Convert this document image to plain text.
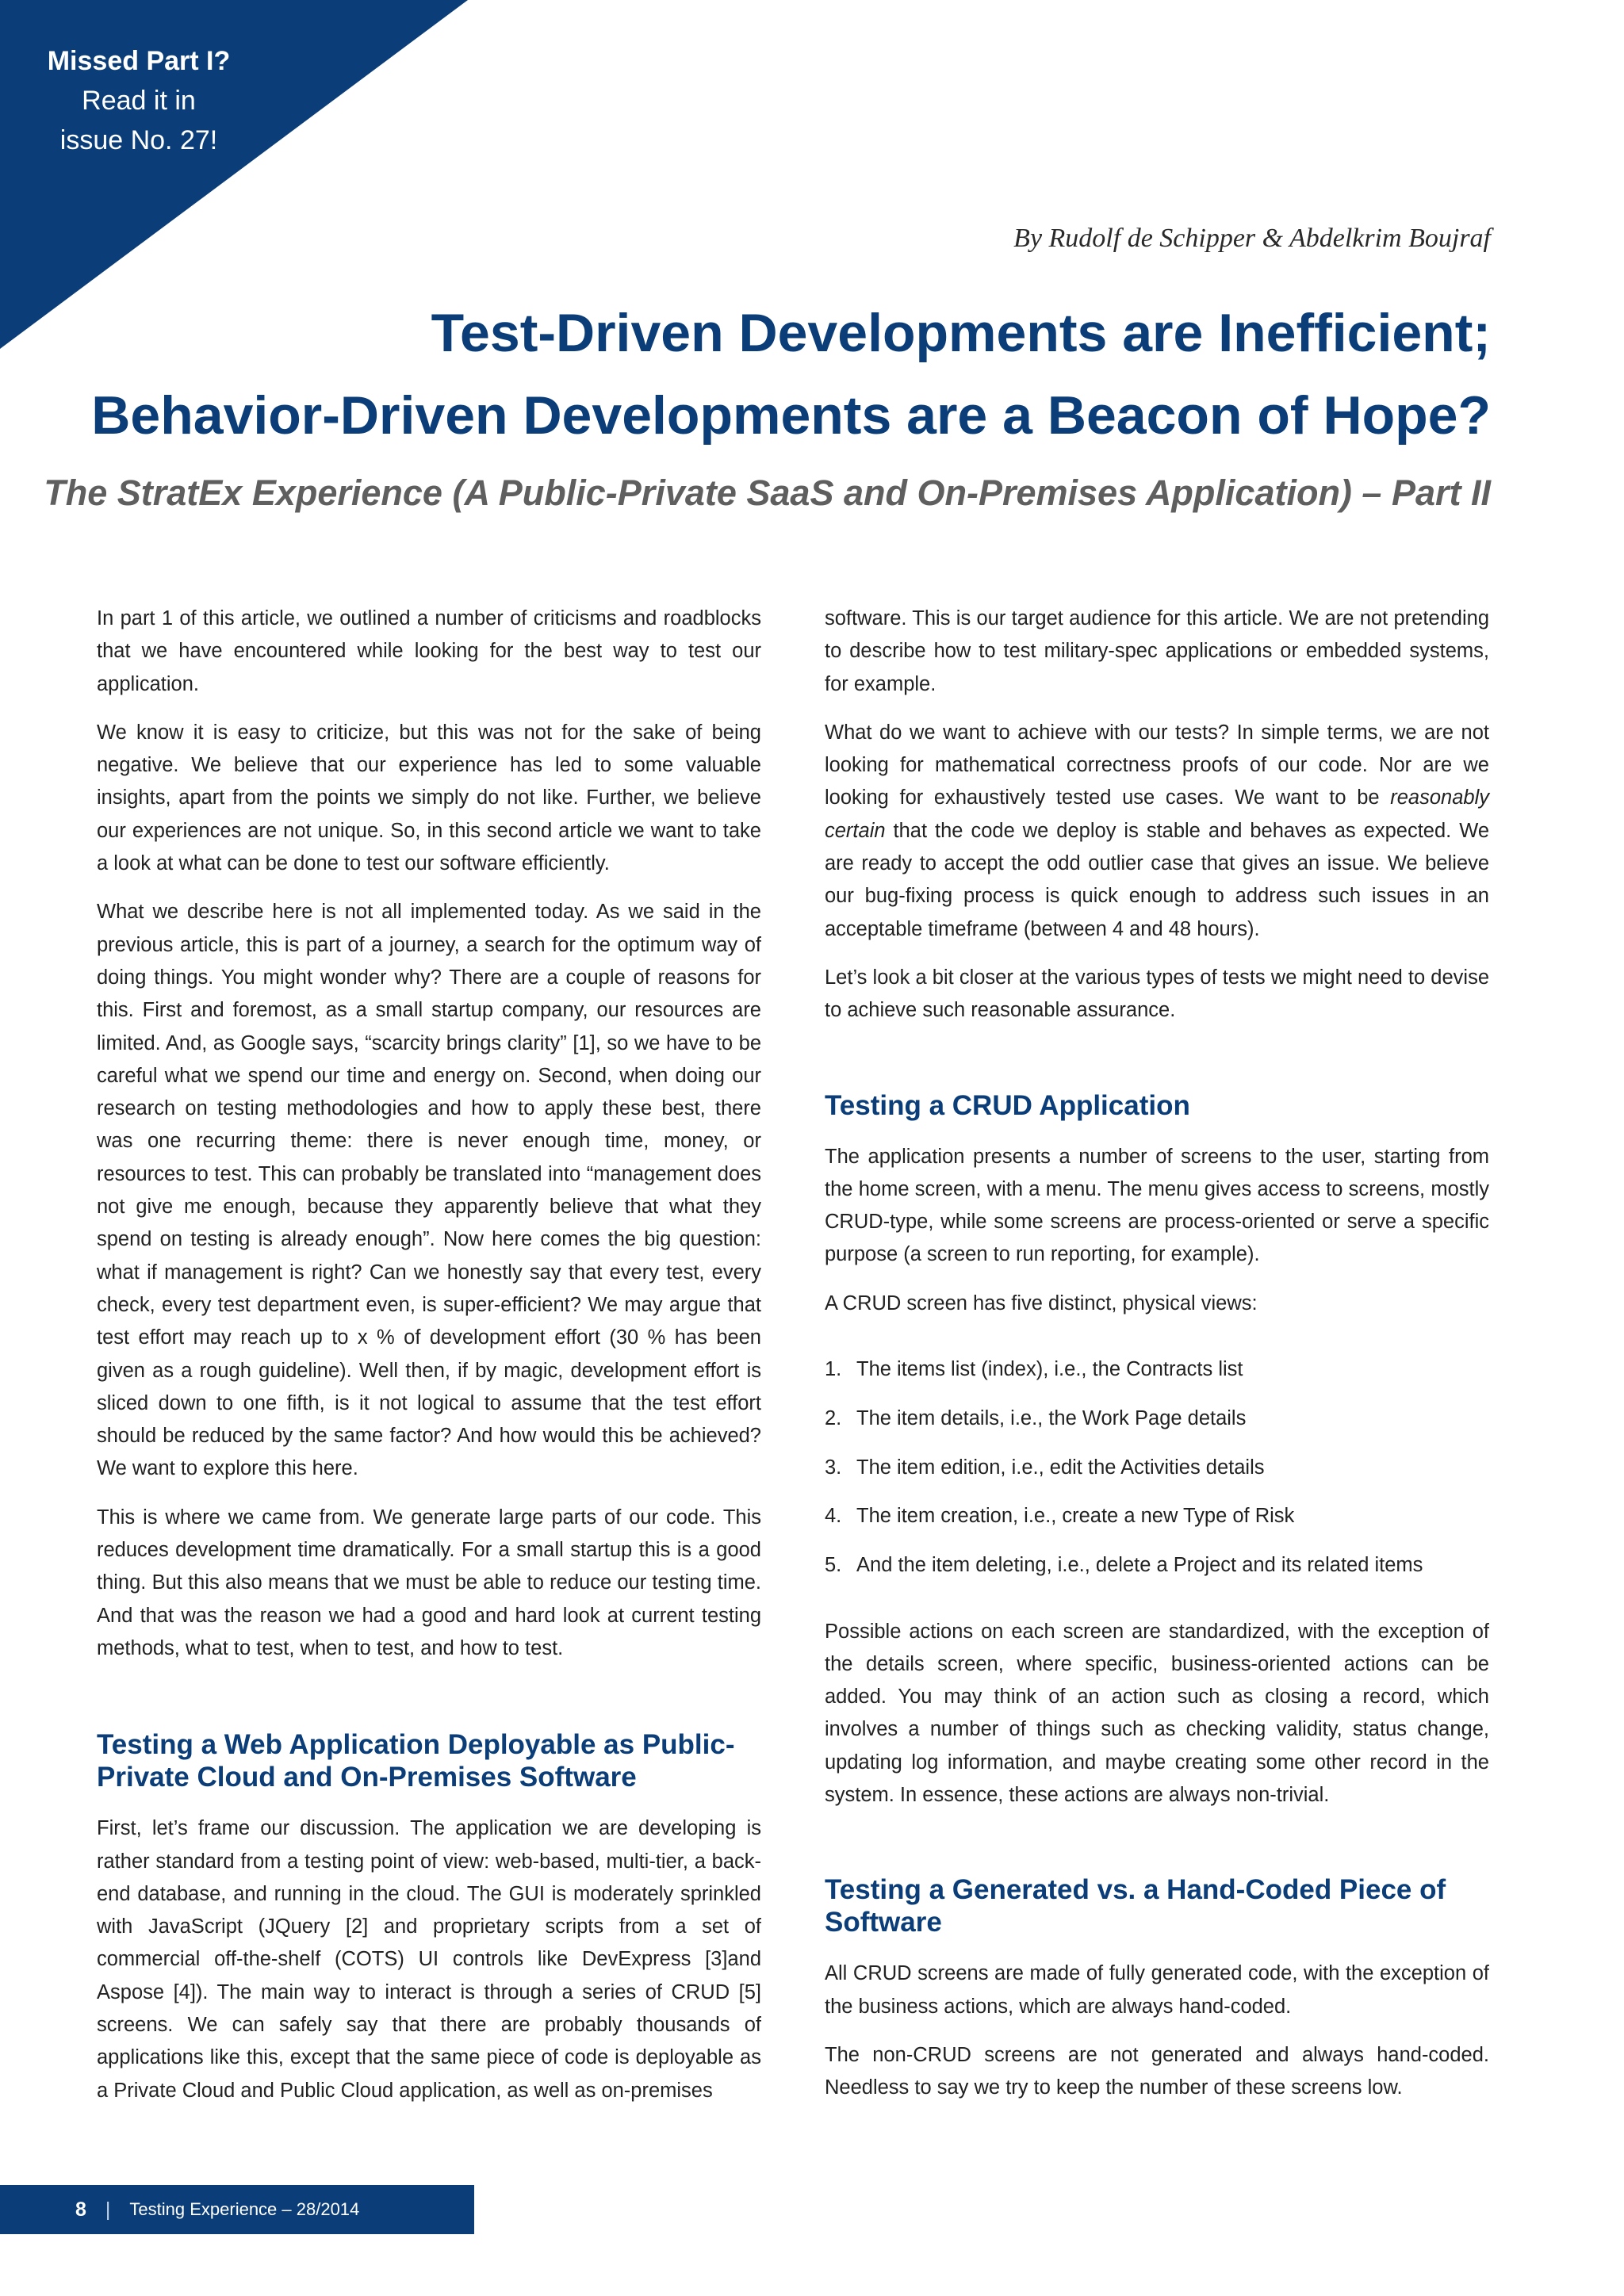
Missed Part I?
Read it in
issue No. 27!
By Rudolf de Schipper & Abdelkrim Boujraf
Test-Driven Developments are Inefficient;
Behavior-Driven Developments are a Beacon of Hope?
The StratEx Experience (A Public-Private SaaS and On-Premises Application) – Part II

In part 1 of this article, we outlined a number of criticisms and roadblocks that we have encountered while looking for the best way to test our application.

We know it is easy to criticize, but this was not for the sake of being negative. We believe that our experience has led to some valuable insights, apart from the points we simply do not like. Further, we believe our experiences are not unique. So, in this second article we want to take a look at what can be done to test our software efficiently.

What we describe here is not all implemented today. As we said in the previous article, this is part of a journey, a search for the optimum way of doing things. You might wonder why? There are a couple of reasons for this. First and foremost, as a small startup company, our resources are limited. And, as Google says, “scarcity brings clarity” [1], so we have to be careful what we spend our time and energy on. Second, when doing our research on testing methodologies and how to apply these best, there was one recurring theme: there is never enough time, money, or resources to test. This can probably be translated into “management does not give me enough, because they apparently believe that what they spend on testing is already enough”. Now here comes the big question: what if management is right? Can we honestly say that every test, every check, every test department even, is super-efficient? We may argue that test effort may reach up to x % of development effort (30 % has been given as a rough guideline). Well then, if by magic, development effort is sliced down to one fifth, is it not logical to assume that the test effort should be reduced by the same factor? And how would this be achieved? We want to explore this here.

This is where we came from. We generate large parts of our code. This reduces development time dramatically. For a small startup this is a good thing. But this also means that we must be able to reduce our testing time. And that was the reason we had a good and hard look at current testing methods, what to test, when to test, and how to test.

Testing a Web Application Deployable as Public-Private Cloud and On-Premises Software

First, let’s frame our discussion. The application we are developing is rather standard from a testing point of view: web-based, multi-tier, a back-end database, and running in the cloud. The GUI is moderately sprinkled with JavaScript (JQuery [2] and proprietary scripts from a set of commercial off-the-shelf (COTS) UI controls like DevExpress [3]and Aspose [4]). The main way to interact is through a series of CRUD [5] screens. We can safely say that there are probably thousands of applications like this, except that the same piece of code is deployable as a Private Cloud and Public Cloud application, as well as on-premises

software. This is our target audience for this article. We are not pretending to describe how to test military-spec applications or embedded systems, for example.

What do we want to achieve with our tests? In simple terms, we are not looking for mathematical correctness proofs of our code. Nor are we looking for exhaustively tested use cases. We want to be reasonably certain that the code we deploy is stable and behaves as expected. We are ready to accept the odd outlier case that gives an issue. We believe our bug-fixing process is quick enough to address such issues in an acceptable timeframe (between 4 and 48 hours).

Let’s look a bit closer at the various types of tests we might need to devise to achieve such reasonable assurance.

Testing a CRUD Application

The application presents a number of screens to the user, starting from the home screen, with a menu. The menu gives access to screens, mostly CRUD-type, while some screens are process-oriented or serve a specific purpose (a screen to run reporting, for example).

A CRUD screen has five distinct, physical views:

1. The items list (index), i.e., the Contracts list
2. The item details, i.e., the Work Page details
3. The item edition, i.e., edit the Activities details
4. The item creation, i.e., create a new Type of Risk
5. And the item deleting, i.e., delete a Project and its related items

Possible actions on each screen are standardized, with the exception of the details screen, where specific, business-oriented actions can be added. You may think of an action such as closing a record, which involves a number of things such as checking validity, status change, updating log information, and maybe creating some other record in the system. In essence, these actions are always non-trivial.

Testing a Generated vs. a Hand-Coded Piece of Software

All CRUD screens are made of fully generated code, with the exception of the business actions, which are always hand-coded.

The non-CRUD screens are not generated and always hand-coded. Needless to say we try to keep the number of these screens low.

8 | Testing Experience – 28/2014
